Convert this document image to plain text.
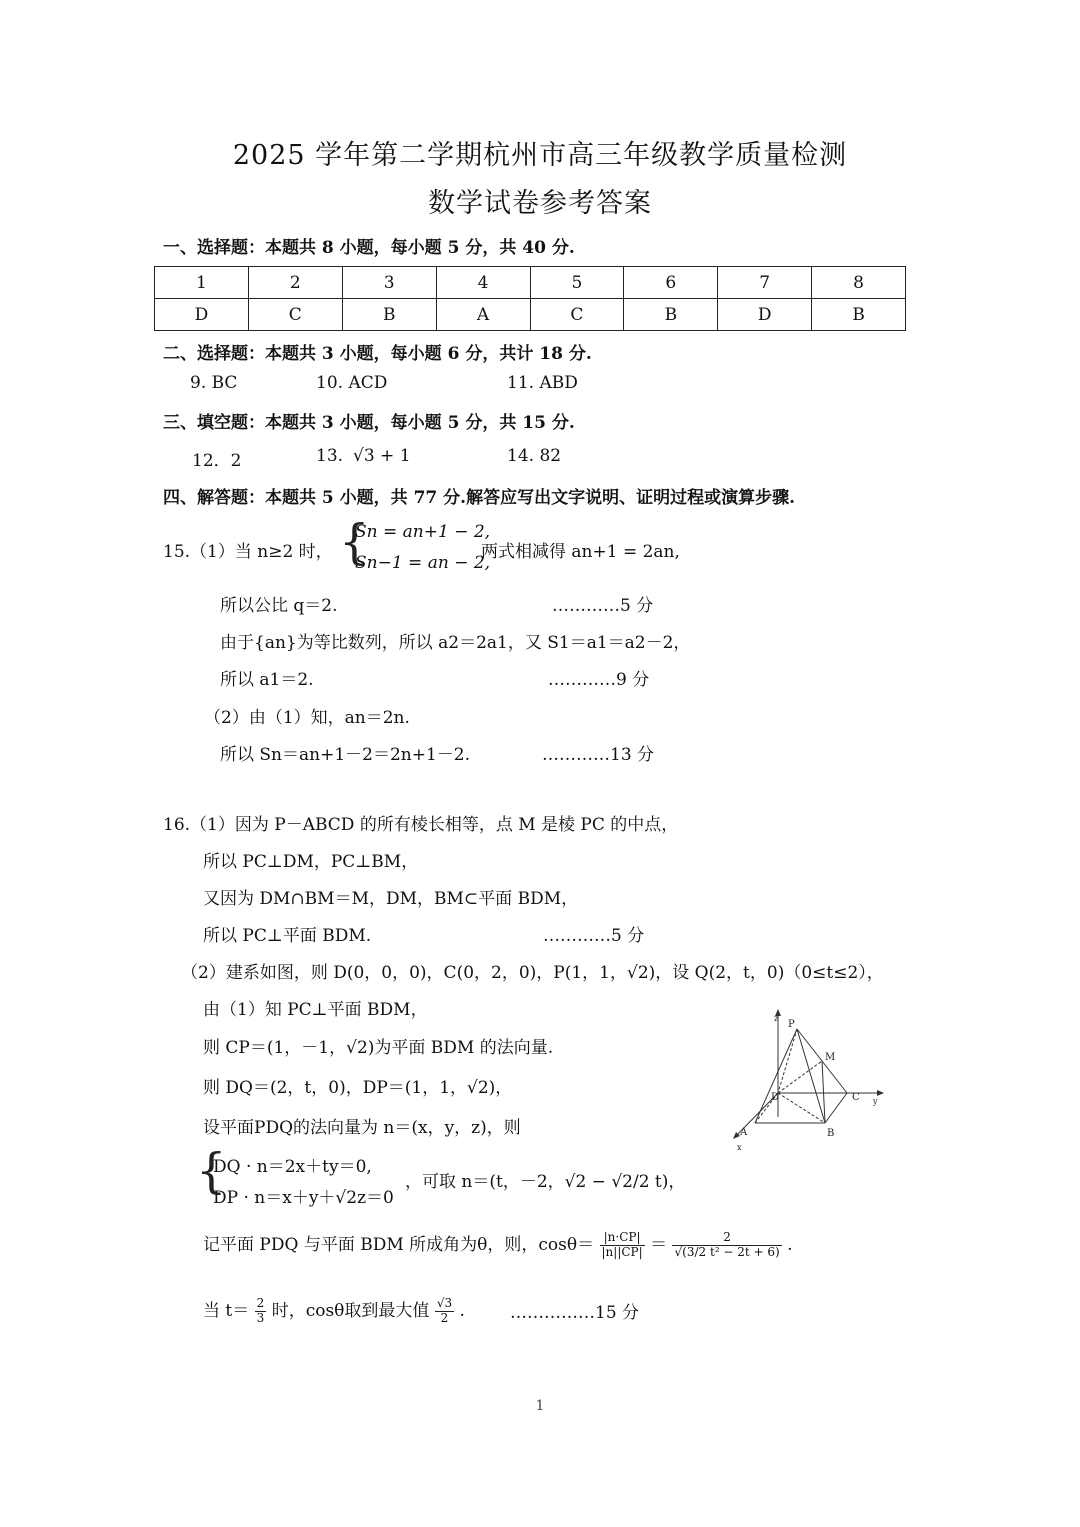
2025 学年第二学期杭州市高三年级教学质量检测
数学试卷参考答案
一、选择题：本题共 8 小题，每小题 5 分，共 40 分.
1	2	3	4	5	6	7	8
D	C	B	A	C	B	D	B
二、选择题：本题共 3 小题，每小题 6 分，共计 18 分.
9. BC	10. ACD	11. ABD
三、填空题：本题共 3 小题，每小题 5 分，共 15 分.
12．2	13. √3 + 1	14. 82
四、解答题：本题共 5 小题，共 77 分.解答应写出文字说明、证明过程或演算步骤.
15.（1）当 n≥2 时， {
Sn = an+1 − 2,
Sn−1 = an − 2,
两式相减得 an+1 = 2an,
所以公比 q＝2.	…………5 分
由于{an}为等比数列，所以 a2＝2a1，又 S1＝a1＝a2－2，
所以 a1＝2.	…………9 分
（2）由（1）知，an＝2n.
所以 Sn＝an+1－2＝2n+1－2.	…………13 分
16.（1）因为 P－ABCD 的所有棱长相等，点 M 是棱 PC 的中点，
所以 PC⊥DM，PC⊥BM，
又因为 DM∩BM＝M，DM，BM⊂平面 BDM，
所以 PC⊥平面 BDM.	…………5 分
（2）建系如图，则 D(0，0，0)，C(0，2，0)，P(1，1，√2)，设 Q(2，t，0)（0≤t≤2），
由（1）知 PC⊥平面 BDM，
则 CP＝(1，－1，√2)为平面 BDM 的法向量.
则 DQ＝(2，t，0)，DP＝(1，1，√2)，
设平面PDQ的法向量为 n＝(x，y，z)，则
{
DQ · n＝2x＋ty＝0,
DP · n＝x＋y＋√2z＝0
，可取 n＝(t，－2，√2 − √2/2 t)，
记平面 PDQ 与平面 BDM 所成角为θ，则，$\cos\theta= \frac{|n\cdot CP|}{|n||CP|} = \frac{2}{\text{√(3/2 t² − 2t + 6)}}$ .
当 $t= \frac{2}{3}$ 时，cosθ取到最大值 $\frac{√3}{2}$ .	……………15 分
P
M
D	C
A	B
x
y
z
1
